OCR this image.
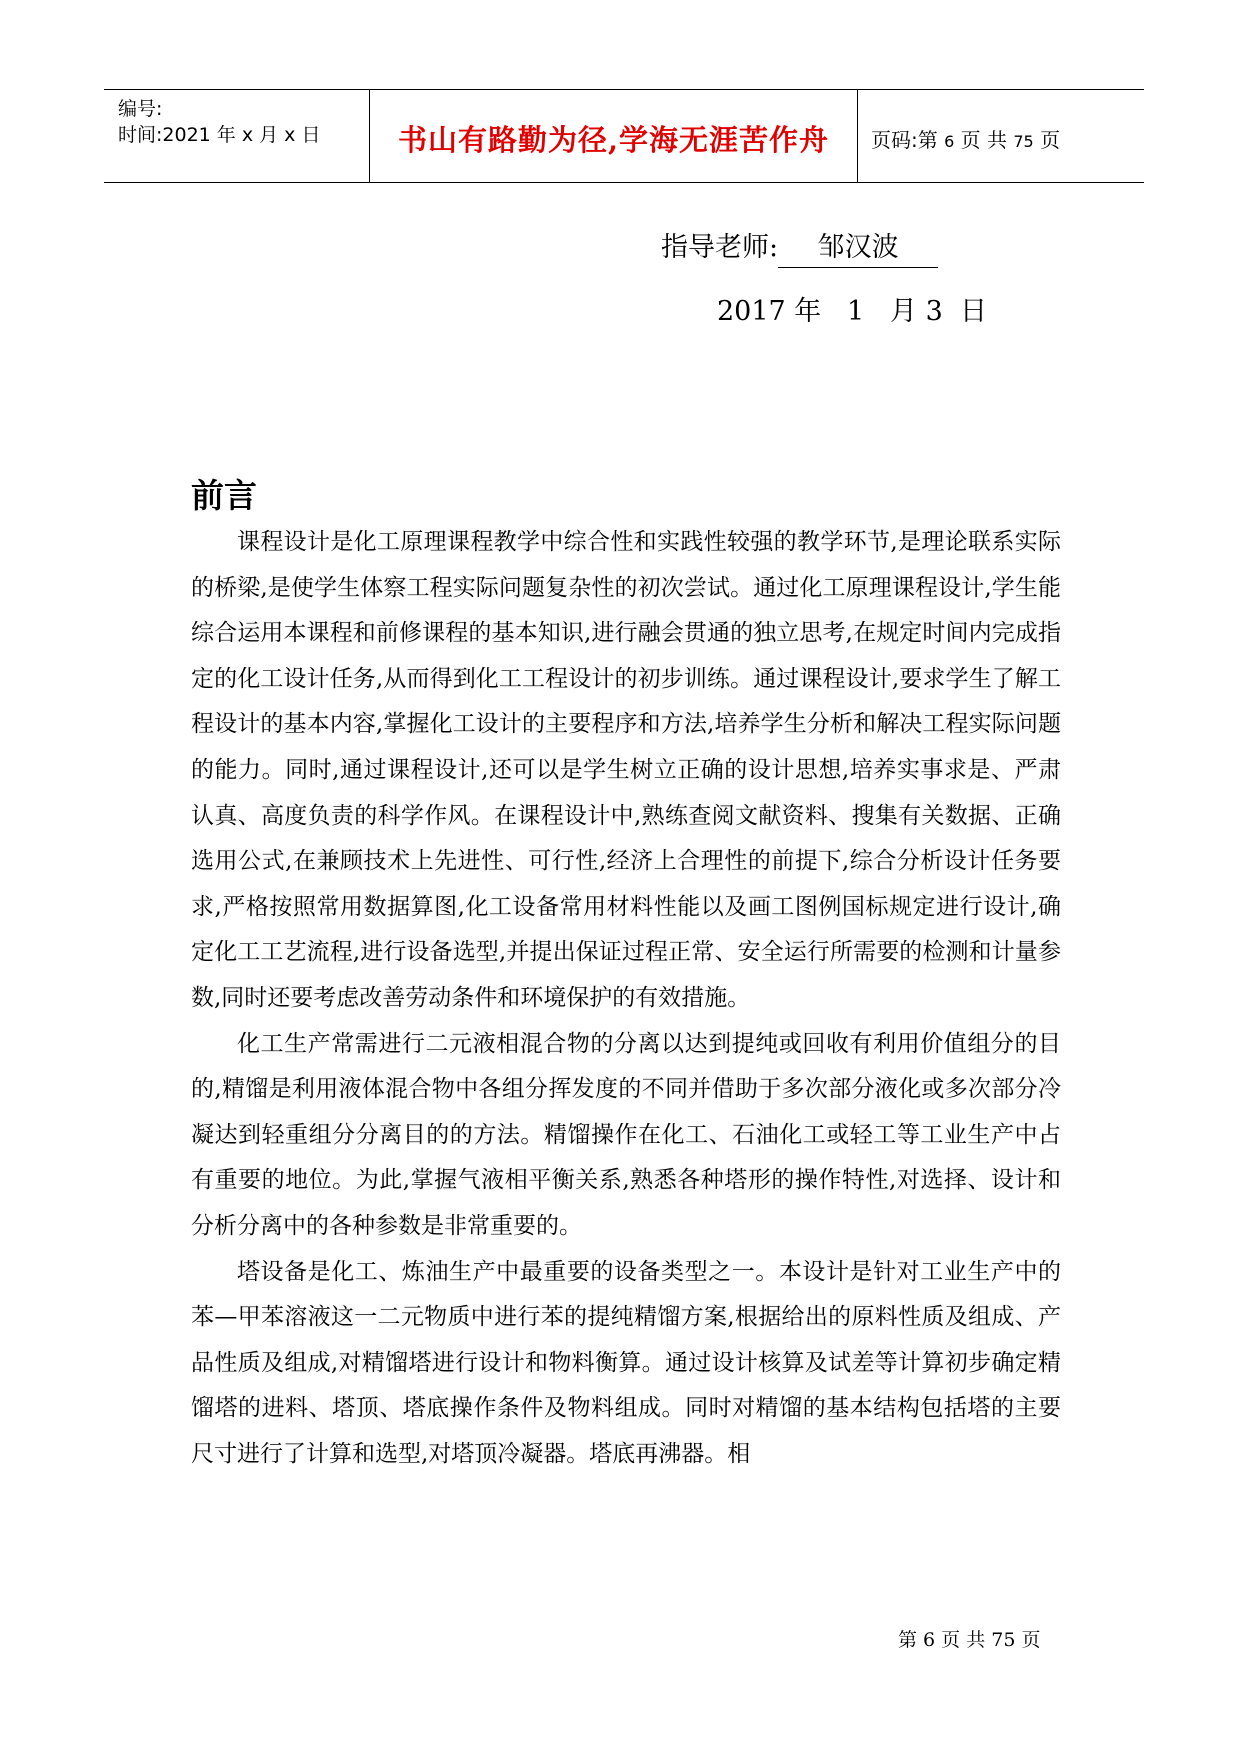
编号:
时间:2021 年 x 月 x 日	书山有路勤为径,学海无涯苦作舟	页码:第 6 页 共 75 页
指导老师: 邹汉波
2017 年 1 月 3 日
前言

课程设计是化工原理课程教学中综合性和实践性较强的教学环节,是理论联系实际的桥梁,是使学生体察工程实际问题复杂性的初次尝试。通过化工原理课程设计,学生能综合运用本课程和前修课程的基本知识,进行融会贯通的独立思考,在规定时间内完成指定的化工设计任务,从而得到化工工程设计的初步训练。通过课程设计,要求学生了解工程设计的基本内容,掌握化工设计的主要程序和方法,培养学生分析和解决工程实际问题的能力。同时,通过课程设计,还可以是学生树立正确的设计思想,培养实事求是、严肃认真、高度负责的科学作风。在课程设计中,熟练查阅文献资料、搜集有关数据、正确选用公式,在兼顾技术上先进性、可行性,经济上合理性的前提下,综合分析设计任务要求,严格按照常用数据算图,化工设备常用材料性能以及画工图例国标规定进行设计,确定化工工艺流程,进行设备选型,并提出保证过程正常、安全运行所需要的检测和计量参数,同时还要考虑改善劳动条件和环境保护的有效措施。

化工生产常需进行二元液相混合物的分离以达到提纯或回收有利用价值组分的目的,精馏是利用液体混合物中各组分挥发度的不同并借助于多次部分液化或多次部分冷凝达到轻重组分分离目的的方法。精馏操作在化工、石油化工或轻工等工业生产中占有重要的地位。为此,掌握气液相平衡关系,熟悉各种塔形的操作特性,对选择、设计和分析分离中的各种参数是非常重要的。

塔设备是化工、炼油生产中最重要的设备类型之一。本设计是针对工业生产中的苯—甲苯溶液这一二元物质中进行苯的提纯精馏方案,根据给出的原料性质及组成、产品性质及组成,对精馏塔进行设计和物料衡算。通过设计核算及试差等计算初步确定精馏塔的进料、塔顶、塔底操作条件及物料组成。同时对精馏的基本结构包括塔的主要尺寸进行了计算和选型,对塔顶冷凝器。塔底再沸器。相

第 6 页 共 75 页
